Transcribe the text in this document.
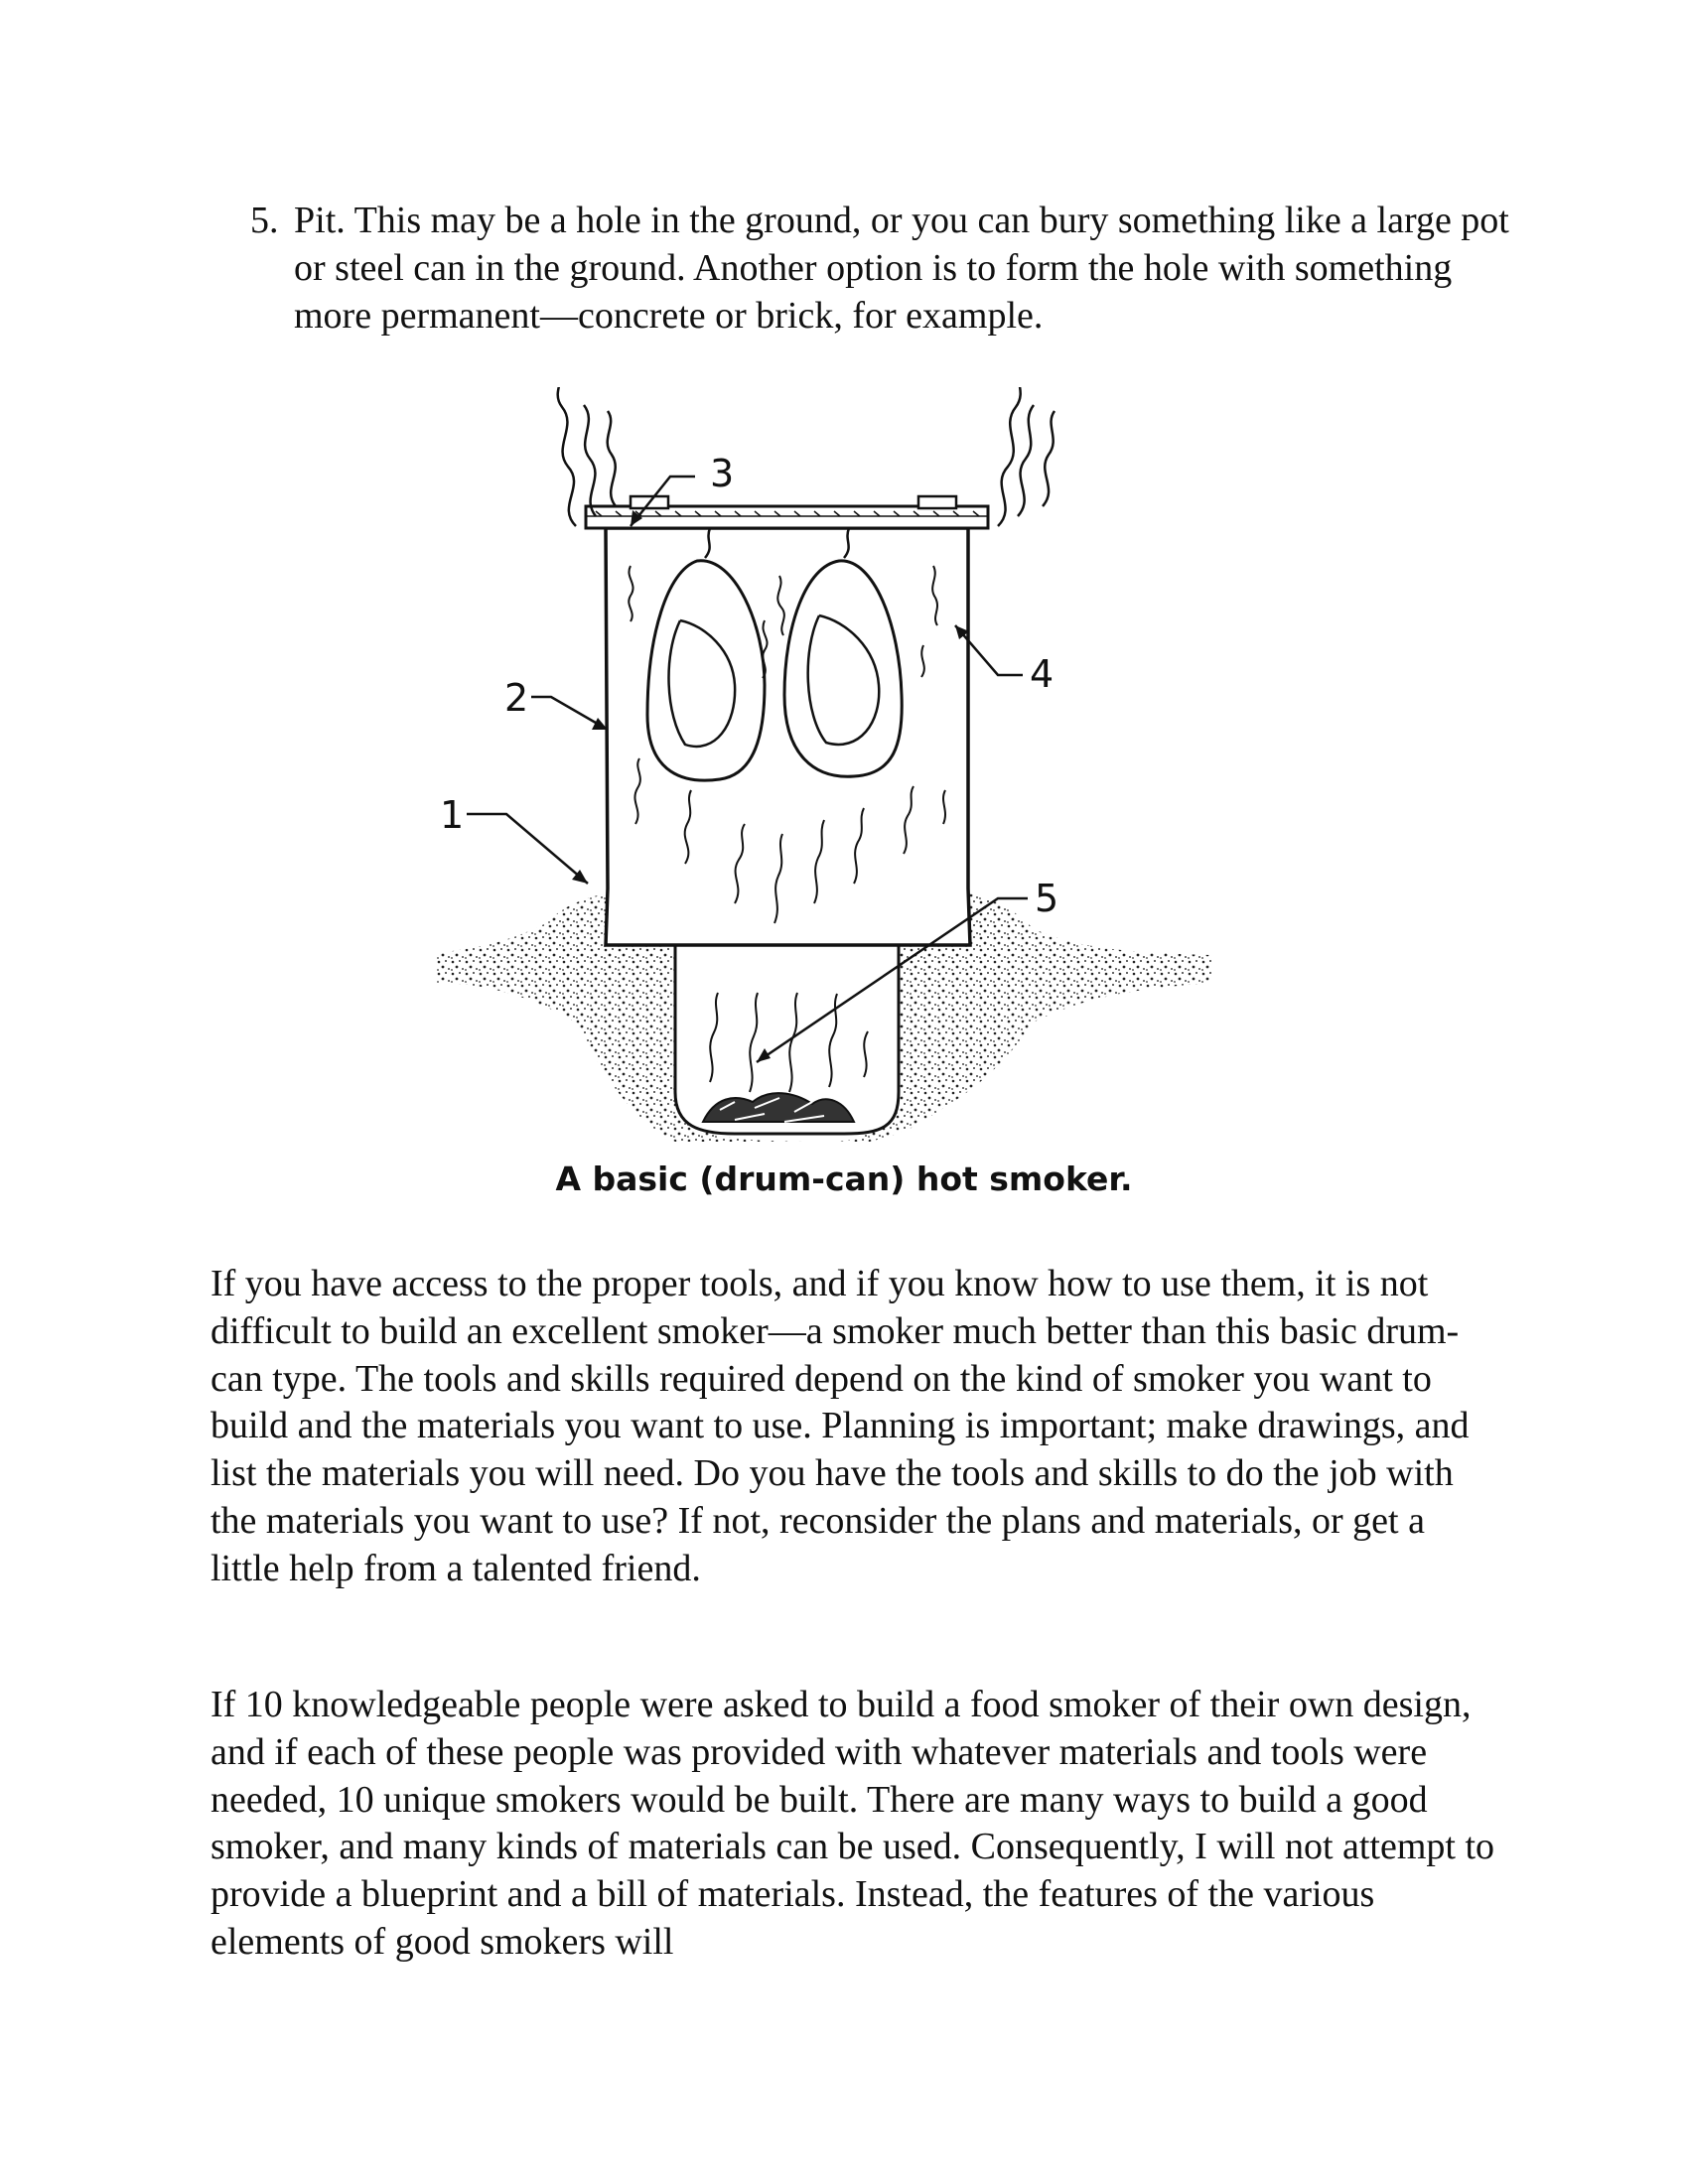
5. Pit. This may be a hole in the ground, or you can bury something like a large pot or steel can in the ground. Another option is to form the hole with something more permanent—concrete or brick, for example.
1
2
3
4
5
A basic (drum-can) hot smoker.
If you have access to the proper tools, and if you know how to use them, it is not difficult to build an excellent smoker—a smoker much better than this basic drum-can type. The tools and skills required depend on the kind of smoker you want to build and the materials you want to use. Planning is important; make drawings, and list the materials you will need. Do you have the tools and skills to do the job with the materials you want to use? If not, reconsider the plans and materials, or get a little help from a talented friend.
If 10 knowledgeable people were asked to build a food smoker of their own design, and if each of these people was provided with whatever materials and tools were needed, 10 unique smokers would be built. There are many ways to build a good smoker, and many kinds of materials can be used. Consequently, I will not attempt to provide a blueprint and a bill of materials. Instead, the features of the various elements of good smokers will
